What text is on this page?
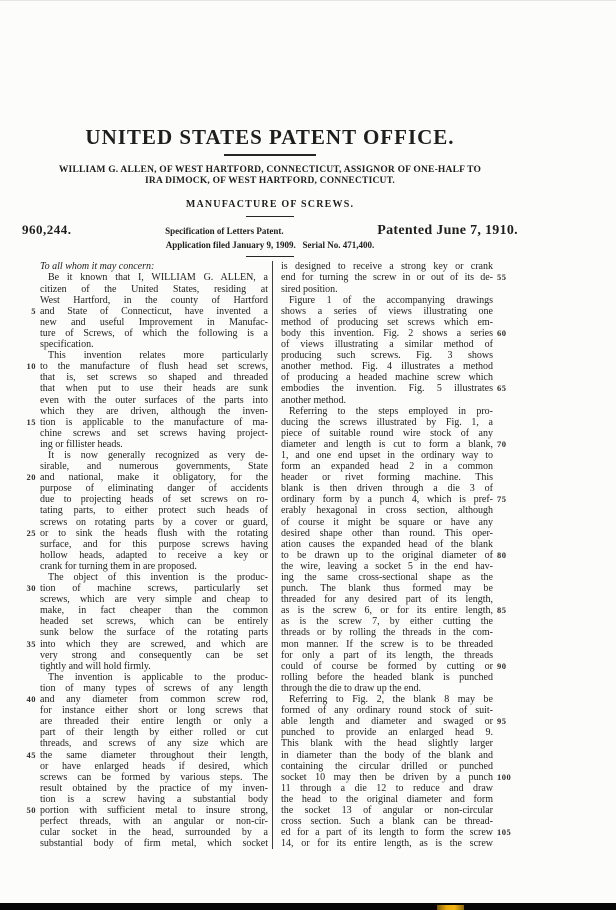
UNITED STATES PATENT OFFICE.
WILLIAM G. ALLEN, OF WEST HARTFORD, CONNECTICUT, ASSIGNOR OF ONE-HALF TO
IRA DIMOCK, OF WEST HARTFORD, CONNECTICUT.
MANUFACTURE OF SCREWS.
960,244.	Specification of Letters Patent.	Patented June 7, 1910.
Application filed January 9, 1909.   Serial No. 471,400.
5
10
15
20
25
30
35
40
45
50
To all whom it may concern:
Be it known that I, WILLIAM G. ALLEN, a
citizen of the United States, residing at
West Hartford, in the county of Hartford
and State of Connecticut, have invented a
new and useful Improvement in Manufac-
ture of Screws, of which the following is a
specification.
This invention relates more particularly
to the manufacture of flush head set screws,
that is, set screws so shaped and threaded
that when put to use their heads are sunk
even with the outer surfaces of the parts into
which they are driven, although the inven-
tion is applicable to the manufacture of ma-
chine screws and set screws having project-
ing or fillister heads.
It is now generally recognized as very de-
sirable, and numerous governments, State
and national, make it obligatory, for the
purpose of eliminating danger of accidents
due to projecting heads of set screws on ro-
tating parts, to either protect such heads of
screws on rotating parts by a cover or guard,
or to sink the heads flush with the rotating
surface, and for this purpose screws having
hollow heads, adapted to receive a key or
crank for turning them in are proposed.
The object of this invention is the produc-
tion of machine screws, particularly set
screws, which are very simple and cheap to
make, in fact cheaper than the common
headed set screws, which can be entirely
sunk below the surface of the rotating parts
into which they are screwed, and which are
very strong and consequently can be set
tightly and will hold firmly.
The invention is applicable to the produc-
tion of many types of screws of any length
and any diameter from common screw rod,
for instance either short or long screws that
are threaded their entire length or only a
part of their length by either rolled or cut
threads, and screws of any size which are
the same diameter throughout their length,
or have enlarged heads if desired, which
screws can be formed by various steps. The
result obtained by the practice of my inven-
tion is a screw having a substantial body
portion with sufficient metal to insure strong,
perfect threads, with an angular or non-cir-
cular socket in the head, surrounded by a
substantial body of firm metal, which socket
is designed to receive a strong key or crank
end for turning the screw in or out of its de-
sired position.
Figure 1 of the accompanying drawings
shows a series of views illustrating one
method of producing set screws which em-
body this invention. Fig. 2 shows a series
of views illustrating a similar method of
producing such screws. Fig. 3 shows
another method. Fig. 4 illustrates a method
of producing a headed machine screw which
embodies the invention. Fig. 5 illustrates
another method.
Referring to the steps employed in pro-
ducing the screws illustrated by Fig. 1, a
piece of suitable round wire stock of any
diameter and length is cut to form a blank,
1, and one end upset in the ordinary way to
form an expanded head 2 in a common
header or rivet forming machine. This
blank is then driven through a die 3 of
ordinary form by a punch 4, which is pref-
erably hexagonal in cross section, although
of course it might be square or have any
desired shape other than round. This oper-
ation causes the expanded head of the blank
to be drawn up to the original diameter of
the wire, leaving a socket 5 in the end hav-
ing the same cross-sectional shape as the
punch. The blank thus formed may be
threaded for any desired part of its length,
as is the screw 6, or for its entire length,
as is the screw 7, by either cutting the
threads or by rolling the threads in the com-
mon manner. If the screw is to be threaded
for only a part of its length, the threads
could of course be formed by cutting or
rolling before the headed blank is punched
through the die to draw up the end.
Referring to Fig. 2, the blank 8 may be
formed of any ordinary round stock of suit-
able length and diameter and swaged or
punched to provide an enlarged head 9.
This blank with the head slightly larger
in diameter than the body of the blank and
containing the circular drilled or punched
socket 10 may then be driven by a punch
11 through a die 12 to reduce and draw
the head to the original diameter and form
the socket 13 of angular or non-circular
cross section. Such a blank can be thread-
ed for a part of its length to form the screw
14, or for its entire length, as is the screw
55
60
65
70
75
80
85
90
95
100
105
